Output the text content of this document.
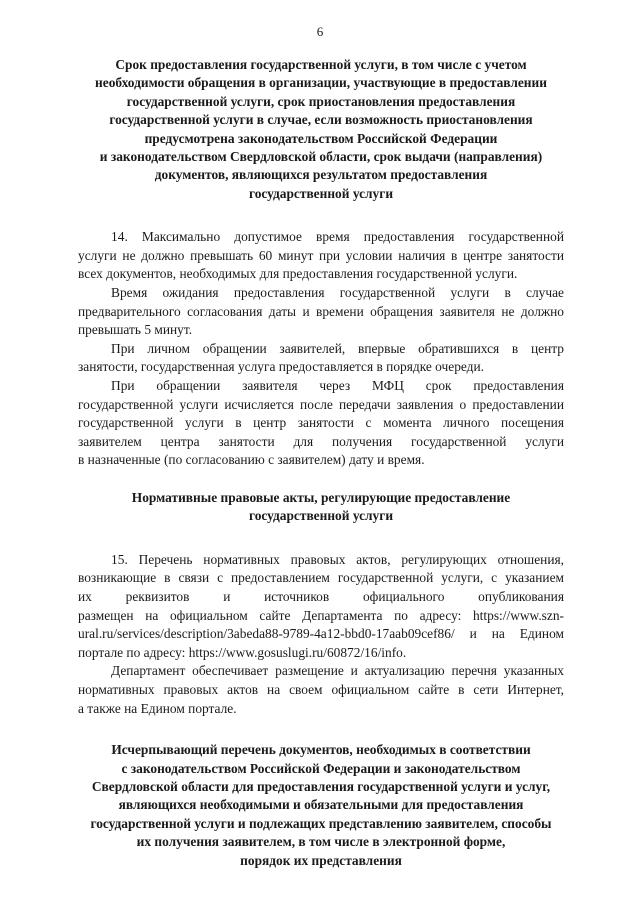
6
Срок предоставления государственной услуги, в том числе с учетом
необходимости обращения в организации, участвующие в предоставлении
государственной услуги, срок приостановления предоставления
государственной услуги в случае, если возможность приостановления
предусмотрена законодательством Российской Федерации
и законодательством Свердловской области, срок выдачи (направления)
документов, являющихся результатом предоставления
государственной услуги
14. Максимально допустимое время предоставления государственной
услуги не должно превышать 60 минут при условии наличия в центре занятости
всех документов, необходимых для предоставления государственной услуги.
Время ожидания предоставления государственной услуги в случае
предварительного согласования даты и времени обращения заявителя не должно
превышать 5 минут.
При личном обращении заявителей, впервые обратившихся в центр
занятости, государственная услуга предоставляется в порядке очереди.
При обращении заявителя через МФЦ срок предоставления
государственной услуги исчисляется после передачи заявления о предоставлении
государственной услуги в центр занятости с момента личного посещения
заявителем центра занятости для получения государственной услуги
в назначенные (по согласованию с заявителем) дату и время.
Нормативные правовые акты, регулирующие предоставление
государственной услуги
15. Перечень нормативных правовых актов, регулирующих отношения,
возникающие в связи с предоставлением государственной услуги, с указанием
их реквизитов и источников официального опубликования
размещен на официальном сайте Департамента по адресу: https://www.szn-
ural.ru/services/description/3abeda88-9789-4a12-bbd0-17aab09cef86/ и на Едином
портале по адресу: https://www.gosuslugi.ru/60872/16/info.
Департамент обеспечивает размещение и актуализацию перечня указанных
нормативных правовых актов на своем официальном сайте в сети Интернет,
а также на Едином портале.
Исчерпывающий перечень документов, необходимых в соответствии
с законодательством Российской Федерации и законодательством
Свердловской области для предоставления государственной услуги и услуг,
являющихся необходимыми и обязательными для предоставления
государственной услуги и подлежащих представлению заявителем, способы
их получения заявителем, в том числе в электронной форме,
порядок их представления
